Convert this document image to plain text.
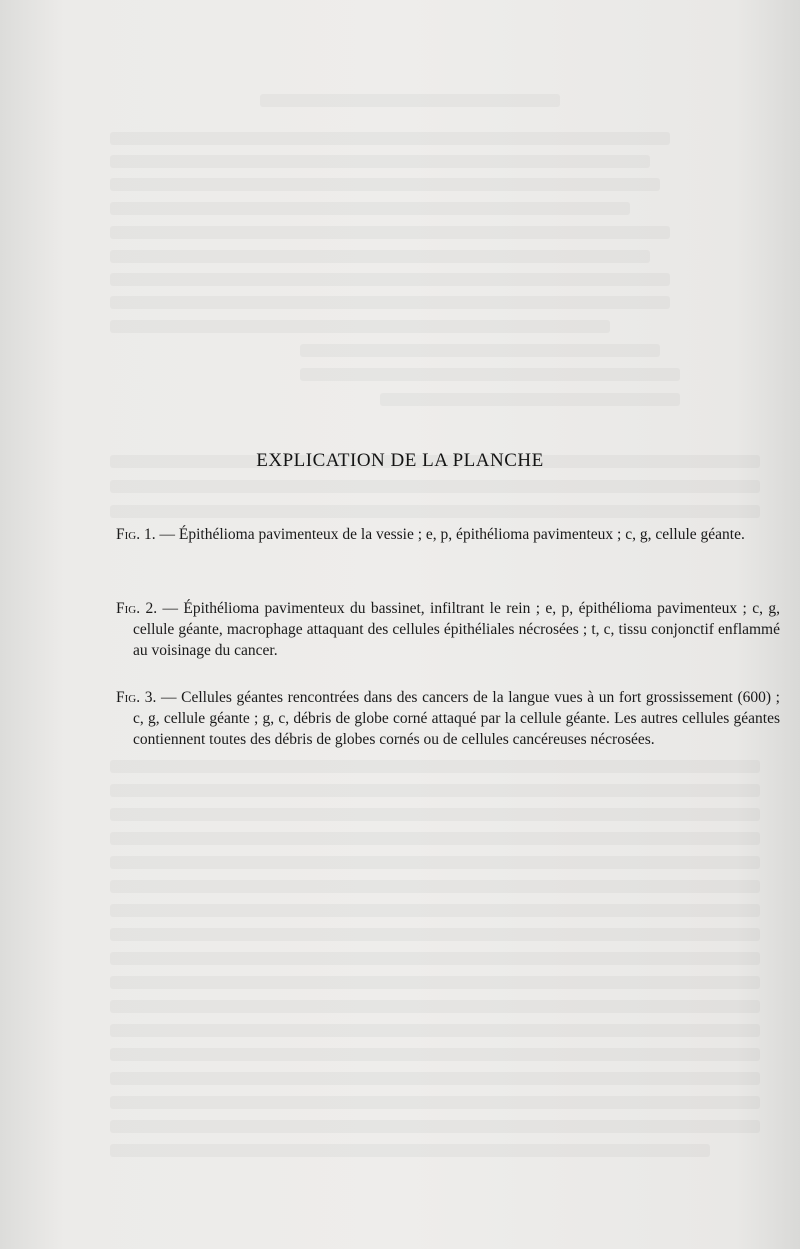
EXPLICATION DE LA PLANCHE

Fig. 1. — Épithélioma pavimenteux de la vessie ; e, p, épithélioma pavimenteux ; c, g, cellule géante.

Fig. 2. — Épithélioma pavimenteux du bassinet, infiltrant le rein ; e, p, épithélioma pavimenteux ; c, g, cellule géante, macrophage attaquant des cellules épithéliales nécrosées ; t, c, tissu conjonctif enflammé au voisinage du cancer.

Fig. 3. — Cellules géantes rencontrées dans des cancers de la langue vues à un fort grossissement (600) ; c, g, cellule géante ; g, c, débris de globe corné attaqué par la cellule géante. Les autres cellules géantes contiennent toutes des débris de globes cornés ou de cellules cancéreuses nécrosées.
